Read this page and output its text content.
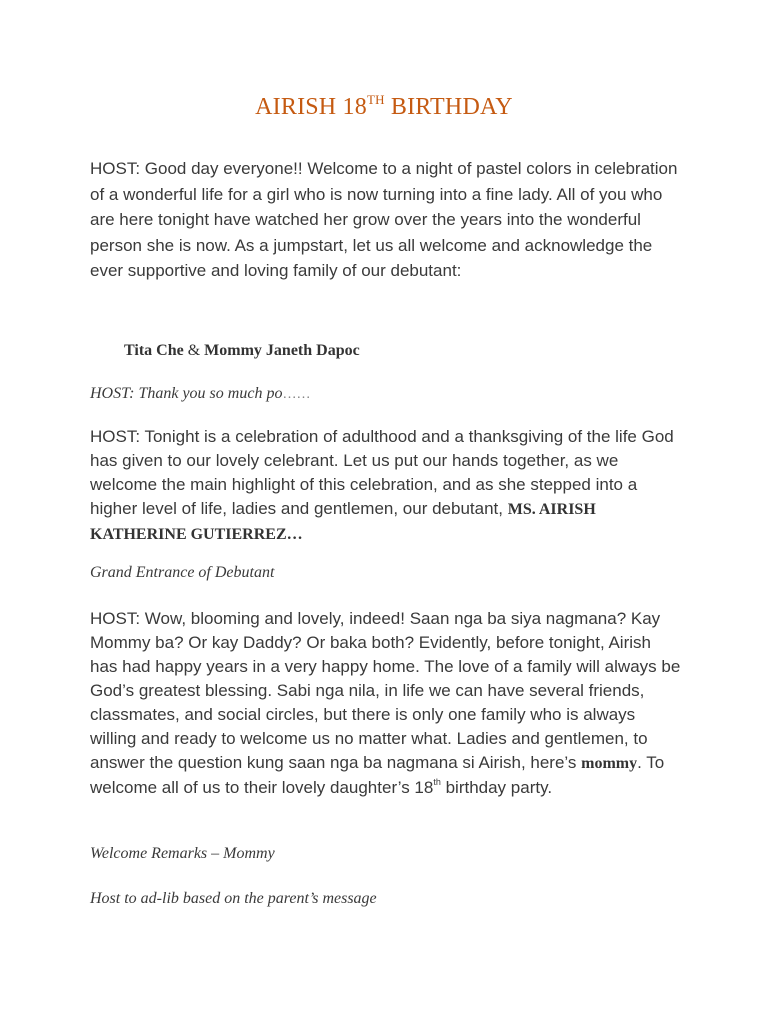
AIRISH 18TH BIRTHDAY

HOST: Good day everyone!! Welcome to a night of pastel colors in celebration of a wonderful life for a girl who is now turning into a fine lady. All of you who are here tonight have watched her grow over the years into the wonderful person she is now. As a jumpstart, let us all welcome and acknowledge the ever supportive and loving family of our debutant:

Tita Che & Mommy Janeth Dapoc
HOST: Thank you so much po……

HOST: Tonight is a celebration of adulthood and a thanksgiving of the life God has given to our lovely celebrant. Let us put our hands together, as we welcome the main highlight of this celebration, and as she stepped into a higher level of life, ladies and gentlemen, our debutant, MS. AIRISH KATHERINE GUTIERREZ…

Grand Entrance of Debutant

HOST: Wow, blooming and lovely, indeed! Saan nga ba siya nagmana? Kay Mommy ba? Or kay Daddy? Or baka both? Evidently, before tonight, Airish has had happy years in a very happy home. The love of a family will always be God’s greatest blessing. Sabi nga nila, in life we can have several friends, classmates, and social circles, but there is only one family who is always willing and ready to welcome us no matter what. Ladies and gentlemen, to answer the question kung saan nga ba nagmana si Airish, here’s mommy. To welcome all of us to their lovely daughter’s 18th birthday party.

Welcome Remarks – Mommy
Host to ad-lib based on the parent’s message
